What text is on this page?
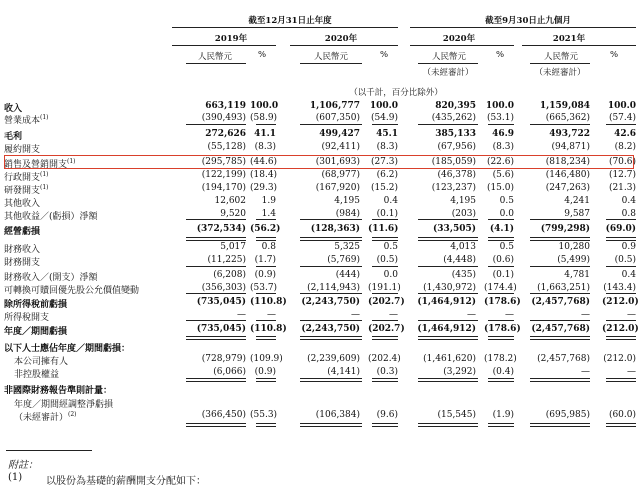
截至12月31日止年度	截至9月30日止九個月
2019年	2020年	2020年	2021年
人民幣元	%	人民幣元	%	人民幣元	%	人民幣元	%
（未經審計）	（未經審計）
（以千計，百分比除外）
收入	663,119 100.0	1,106,777 100.0	820,395 100.0	1,159,084	100.0
營業成本$^{(1)}$	(390,493) (58.9)	(607,350)	(54.9)	(435,262)	(53.1)	(665,362)	(57.4)
毛利	272,626 41.1	499,427	45.1	385,133	46.9	493,722	42.6
履約開支	(55,128) (8.3)	(92,411)	(8.3)	(67,956)	(8.3)	(94,871)	(8.2)
銷售及營銷開支$^{(1)}$	(295,785) (44.6)	(301,693)	(27.3)	(185,059)	(22.6)	(818,234)	(70.6)
行政開支$^{(1)}$	(122,199) (18.4)	(68,977)	(6.2)	(46,378)	(5.6)	(146,480)	(12.7)
研發開支$^{(1)}$	(194,170) (29.3)	(167,920)	(15.2)	(123,237)	(15.0)	(247,263)	(21.3)
其他收入	12,602	1.9	4,195	0.4	4,195	0.5	4,241	0.4
其他收益／(虧損）淨額	9,520	1.4	(984)	(0.1)	(203)	0.0	9,587	0.8
經營虧損	(372,534) (56.2)	(128,363) (11.6)	(33,505)	(4.1)	(799,298)	(69.0)
財務收入	5,017	0.8	5,325	0.5	4,013	0.5	10,280	0.9
財務開支	(11,225) (1.7)	(5,769)	(0.5)	(4,448)	(0.6)	(5,499)	(0.5)
財務收入／(開支）淨額	(6,208) (0.9)	(444)	0.0	(435)	(0.1)	4,781	0.4
可轉換可贖回優先股公允價值變動	(356,303) (53.7)	(2,114,943) (191.1)	(1,430,972) (174.4)	(1,663,251) (143.4)
除所得稅前虧損	(735,045) (110.8)	(2,243,750) (202.7) (1,464,912) (178.6) (2,457,768) (212.0)
所得稅開支	—	—	—	—	—	—	—	—
年度／期間虧損	(735,045) (110.8)	(2,243,750) (202.7) (1,464,912) (178.6) (2,457,768) (212.0)
以下人士應佔年度／期間虧損：
本公司擁有人	(728,979) (109.9)	(2,239,609) (202.4)	(1,461,620) (178.2)	(2,457,768) (212.0)
非控股權益	(6,066) (0.9)	(4,141)	(0.3)	(3,292)	(0.4)	—	—
非國際財務報告準則計量：
年度／期間經調整淨虧損
（未經審計）$^{(2)}$	(366,450) (55.3)	(106,384)	(9.6)	(15,545)	(1.9)	(695,985)	(60.0)
附註：
(1) 以股份為基礎的薪酬開支分配如下：
